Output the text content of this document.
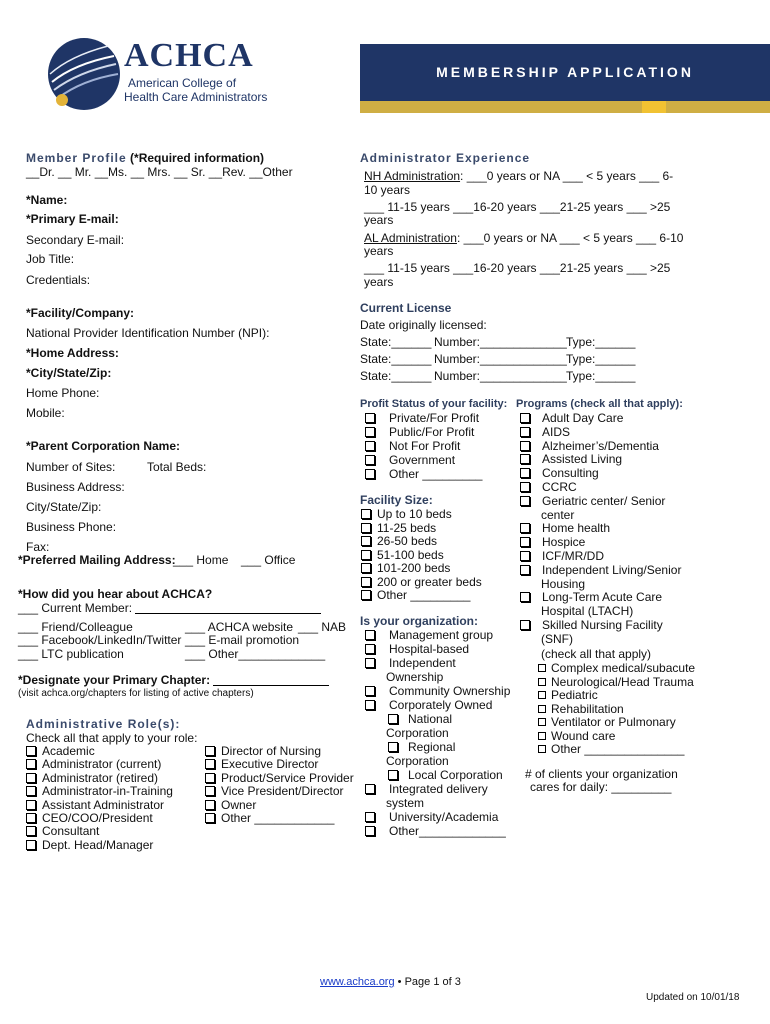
ACHCA
American College of
Health Care Administrators
MEMBERSHIP APPLICATION
Member Profile (*Required information)
__Dr. __ Mr. __Ms. __ Mrs. __ Sr. __Rev. __Other
*Name:
*Primary E-mail:
Secondary E-mail:
Job Title:
Credentials:
*Facility/Company:
National Provider Identification Number (NPI):
*Home Address:
*City/State/Zip:
Home Phone:
Mobile:
*Parent Corporation Name:
Number of Sites:	Total Beds:
Business Address:
City/State/Zip:
Business Phone:
Fax:
*Preferred Mailing Address:
___ Home ___ Office
*How did you hear about ACHCA?
___ Current Member:
___ Friend/Colleague
___ Facebook/LinkedIn/Twitter
___ LTC publication
___ ACHCA website ___ NAB
___ E-mail promotion
___ Other_____________
*Designate your Primary Chapter:
(visit achca.org/chapters for listing of active chapters)
Administrative Role(s):
Check all that apply to your role:
Administrator Experience
NH Administration: ___0 years or NA ___ < 5 years ___ 6-
10 years
___ 11-15 years ___16-20 years ___21-25 years ___ >25
years
AL Administration: ___0 years or NA ___ < 5 years ___ 6-10
years
___ 11-15 years ___16-20 years ___21-25 years ___ >25
years
Current License
Date originally licensed:
Profit Status of your facility:
Facility Size:
Is your organization:
Programs (check all that apply):
(check all that apply)
# of clients your organization
cares for daily: _________
www.achca.org • Page 1 of 3
Updated on 10/01/18
Academic
Administrator (current)
Administrator (retired)
Administrator-in-Training
Assistant Administrator
CEO/COO/President
Consultant
Dept. Head/Manager
Director of Nursing
Executive Director
Product/Service Provider
Vice President/Director
Owner
Other ____________
State:______ Number:_____________ Type:______
State:______ Number:_____________ Type:______
State:______ Number:_____________ Type:______
Private/For Profit
Public/For Profit
Not For Profit
Government
Other _________
Up to 10 beds
11-25 beds
26-50 beds
51-100 beds
101-200 beds
200 or greater beds
Other _________
Management group
Hospital-based
Independent
Ownership
Community Ownership
Corporately Owned
National
Corporation
Regional
Corporation
Local Corporation
Integrated delivery
system
University/Academia
Other_____________
Adult Day Care
AIDS
Alzheimer’s/Dementia
Assisted Living
Consulting
CCRC
Geriatric center/ Senior
center
Home health
Hospice
ICF/MR/DD
Independent Living/Senior
Housing
Long-Term Acute Care
Hospital (LTACH)
Skilled Nursing Facility
(SNF)
Complex medical/subacute
Neurological/Head Trauma
Pediatric
Rehabilitation
Ventilator or Pulmonary
Wound care
Other _______________
